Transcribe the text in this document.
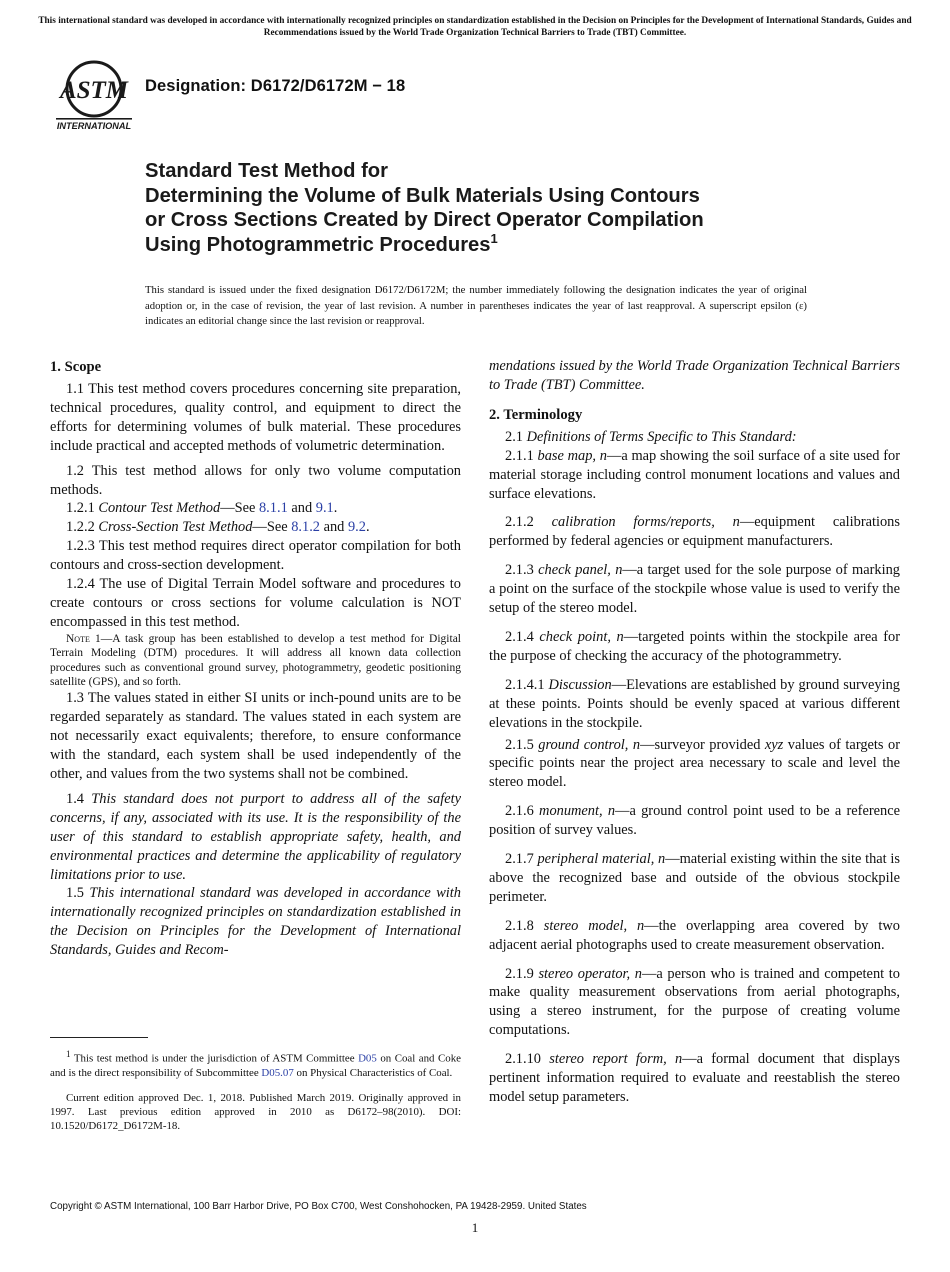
This international standard was developed in accordance with internationally recognized principles on standardization established in the Decision on Principles for the Development of International Standards, Guides and Recommendations issued by the World Trade Organization Technical Barriers to Trade (TBT) Committee.
ASTM
INTERNATIONAL
Designation: D6172/D6172M − 18
Standard Test Method for
Determining the Volume of Bulk Materials Using Contours
or Cross Sections Created by Direct Operator Compilation
Using Photogrammetric Procedures$^1$
This standard is issued under the fixed designation D6172/D6172M; the number immediately following the designation indicates the year of original adoption or, in the case of revision, the year of last revision. A number in parentheses indicates the year of last reapproval. A superscript epsilon (ε) indicates an editorial change since the last revision or reapproval.
1. Scope

1.1 This test method covers procedures concerning site preparation, technical procedures, quality control, and equipment to direct the efforts for determining volumes of bulk material. These procedures include practical and accepted methods of volumetric determination.

1.2 This test method allows for only two volume computation methods.

1.2.1 Contour Test Method—See 8.1.1 and 9.1.

1.2.2 Cross-Section Test Method—See 8.1.2 and 9.2.

1.2.3 This test method requires direct operator compilation for both contours and cross-section development.

1.2.4 The use of Digital Terrain Model software and procedures to create contours or cross sections for volume calculation is NOT encompassed in this test method.

Note 1—A task group has been established to develop a test method for Digital Terrain Modeling (DTM) procedures. It will address all known data collection procedures such as conventional ground survey, photogrammetry, geodetic positioning satellite (GPS), and so forth.

1.3 The values stated in either SI units or inch-pound units are to be regarded separately as standard. The values stated in each system are not necessarily exact equivalents; therefore, to ensure conformance with the standard, each system shall be used independently of the other, and values from the two systems shall not be combined.

1.4 This standard does not purport to address all of the safety concerns, if any, associated with its use. It is the responsibility of the user of this standard to establish appropriate safety, health, and environmental practices and determine the applicability of regulatory limitations prior to use.

1.5 This international standard was developed in accordance with internationally recognized principles on standardization established in the Decision on Principles for the Development of International Standards, Guides and Recom-

mendations issued by the World Trade Organization Technical Barriers to Trade (TBT) Committee.

2. Terminology

2.1 Definitions of Terms Specific to This Standard:

2.1.1 base map, n—a map showing the soil surface of a site used for material storage including control monument locations and values and surface elevations.

2.1.2 calibration forms/reports, n—equipment calibrations performed by federal agencies or equipment manufacturers.

2.1.3 check panel, n—a target used for the sole purpose of marking a point on the surface of the stockpile whose value is used to verify the setup of the stereo model.

2.1.4 check point, n—targeted points within the stockpile area for the purpose of checking the accuracy of the photogrammetry.

2.1.4.1 Discussion—Elevations are established by ground surveying at these points. Points should be evenly spaced at various different elevations in the stockpile.

2.1.5 ground control, n—surveyor provided xyz values of targets or specific points near the project area necessary to scale and level the stereo model.

2.1.6 monument, n—a ground control point used to be a reference position of survey values.

2.1.7 peripheral material, n—material existing within the site that is above the recognized base and outside of the obvious stockpile perimeter.

2.1.8 stereo model, n—the overlapping area covered by two adjacent aerial photographs used to create measurement observation.

2.1.9 stereo operator, n—a person who is trained and competent to make quality measurement observations from aerial photographs, using a stereo instrument, for the purpose of creating volume computations.

2.1.10 stereo report form, n—a formal document that displays pertinent information required to evaluate and reestablish the stereo model setup parameters.

$^1$ This test method is under the jurisdiction of ASTM Committee D05 on Coal and Coke and is the direct responsibility of Subcommittee D05.07 on Physical Characteristics of Coal.
Current edition approved Dec. 1, 2018. Published March 2019. Originally approved in 1997. Last previous edition approved in 2010 as D6172–98(2010). DOI: 10.1520/D6172_D6172M-18.
Copyright © ASTM International, 100 Barr Harbor Drive, PO Box C700, West Conshohocken, PA 19428-2959. United States
1
